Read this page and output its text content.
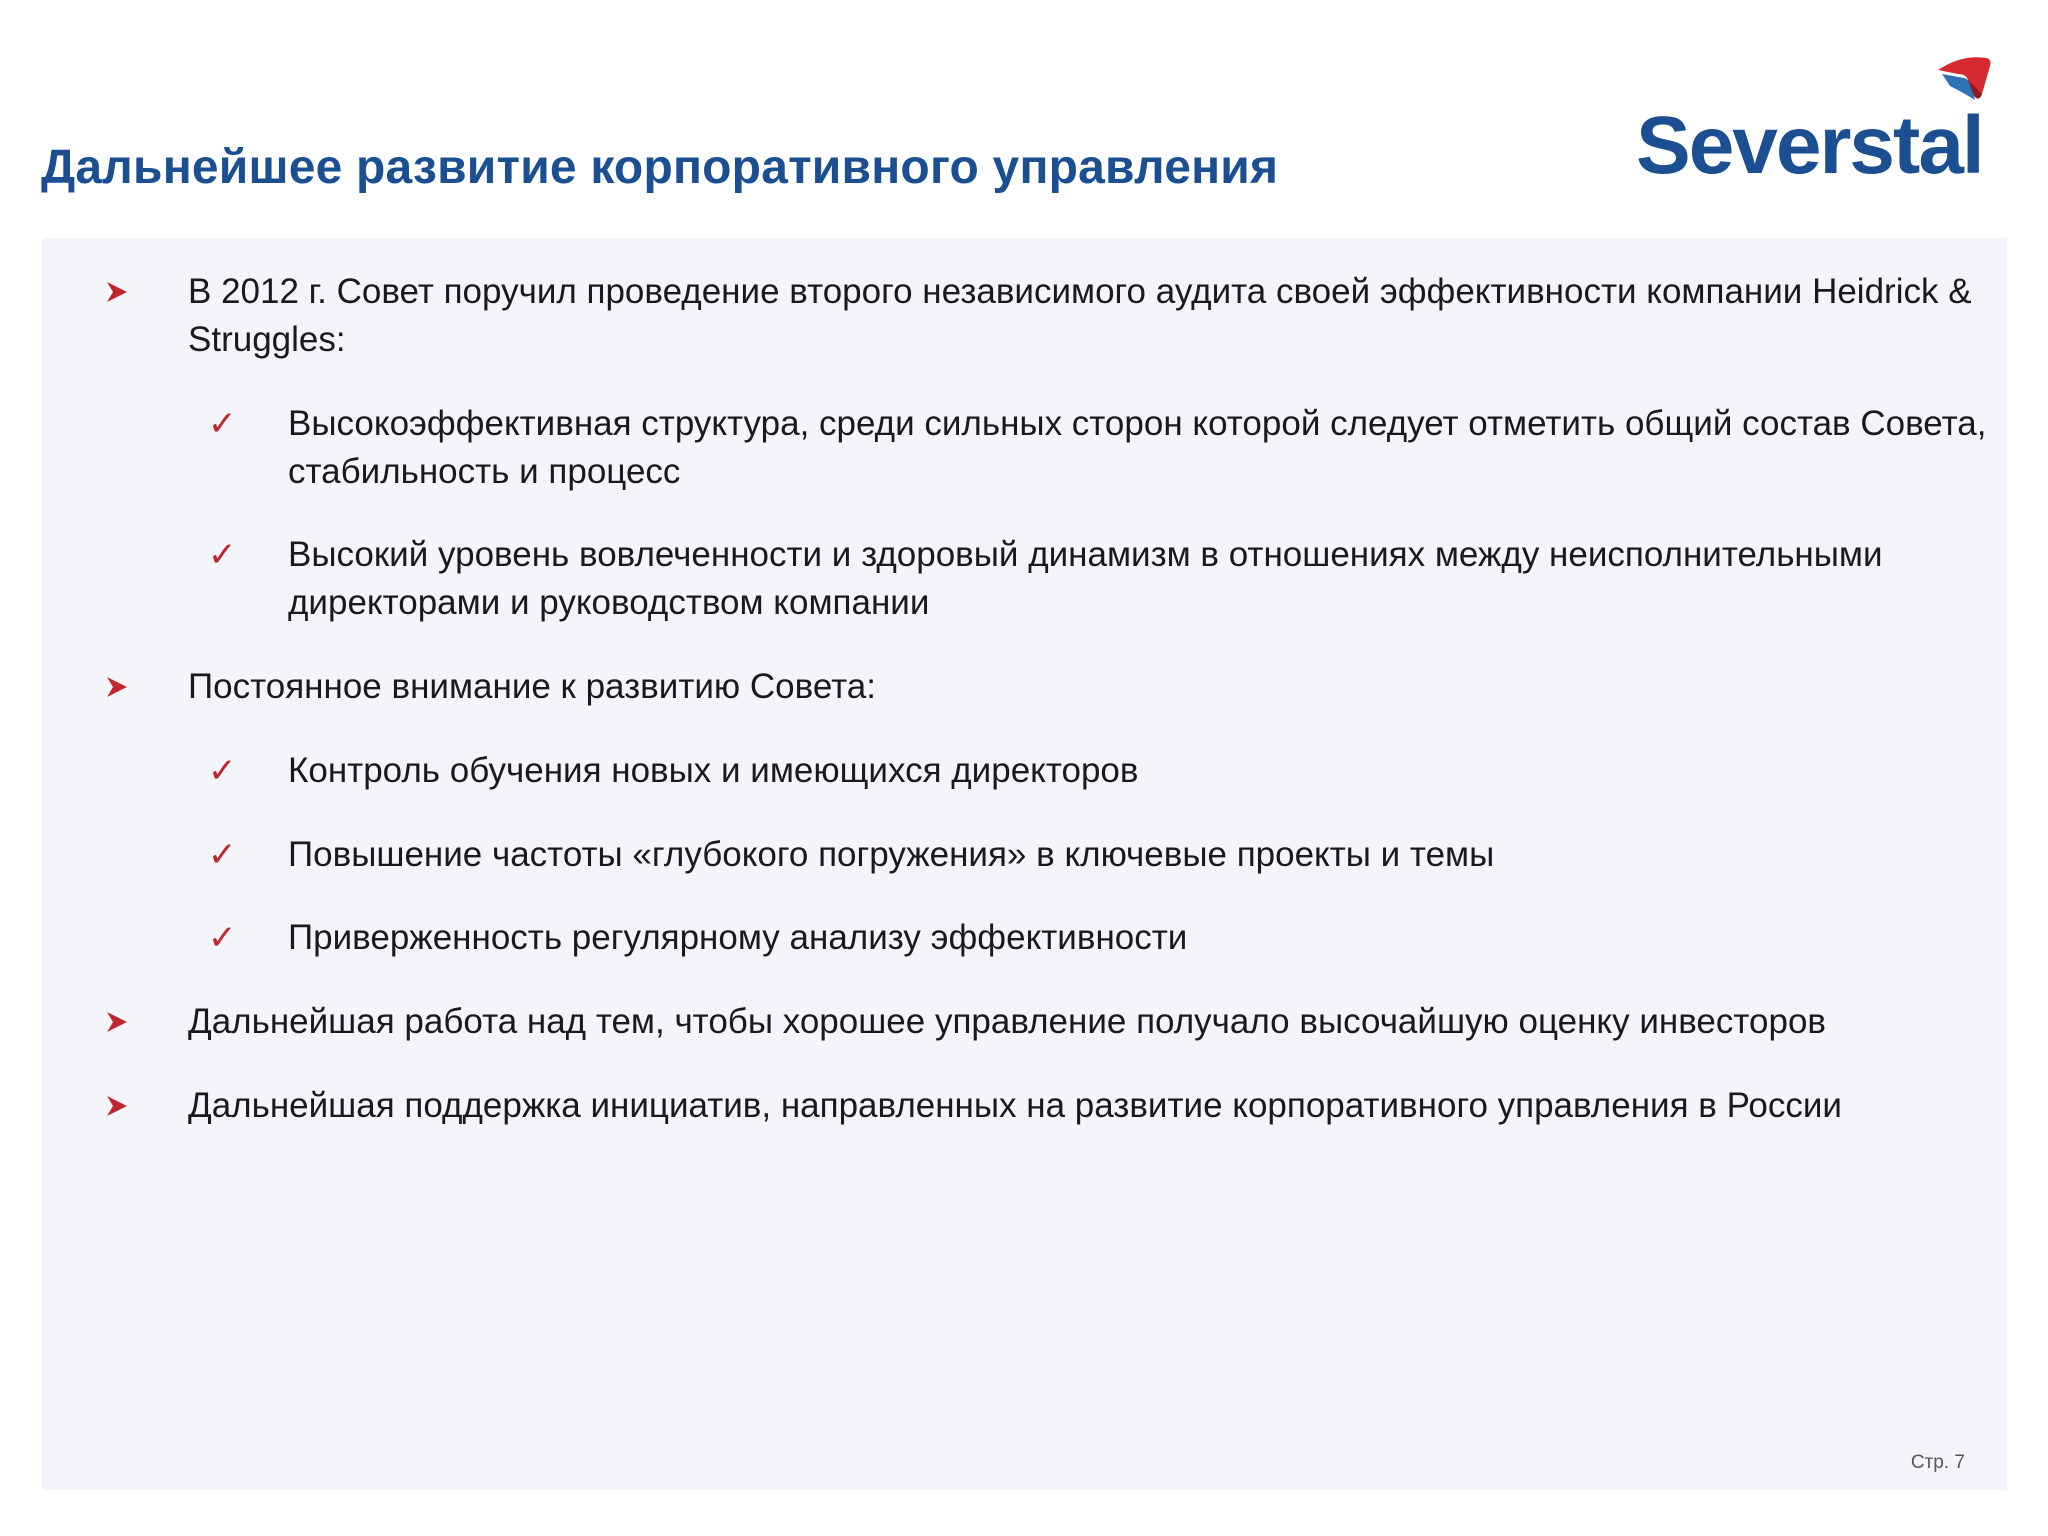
Дальнейшее развитие корпоративного управления	Severstal
В 2012 г. Совет поручил проведение второго независимого аудита своей эффективности компании Heidrick & Struggles:
✓ Высокоэффективная структура, среди сильных сторон которой следует отметить общий состав Совета, стабильность и процесс
✓ Высокий уровень вовлеченности и здоровый динамизм в отношениях между неисполнительными директорами и руководством компании
Постоянное внимание к развитию Совета:
✓ Контроль обучения новых и имеющихся директоров
✓ Повышение частоты «глубокого погружения» в ключевые проекты и темы
✓ Приверженность регулярному анализу эффективности
Дальнейшая работа над тем, чтобы хорошее управление получало высочайшую оценку инвесторов
Дальнейшая поддержка инициатив, направленных на развитие корпоративного управления в России
Стр. 7
